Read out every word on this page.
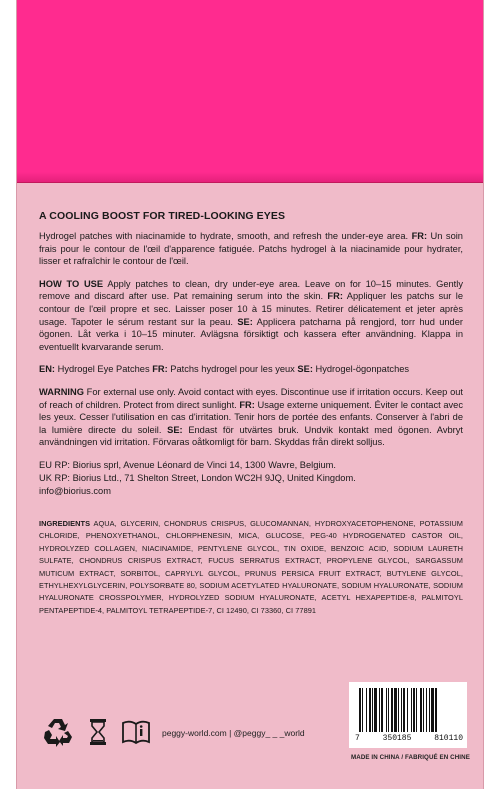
A COOLING BOOST FOR TIRED-LOOKING EYES

Hydrogel patches with niacinamide to hydrate, smooth, and refresh the under-eye area. FR: Un soin frais pour le contour de l'œil d'apparence fatiguée. Patchs hydrogel à la niacinamide pour hydrater, lisser et rafraîchir le contour de l'œil.

HOW TO USE Apply patches to clean, dry under-eye area. Leave on for 10–15 minutes. Gently remove and discard after use. Pat remaining serum into the skin. FR: Appliquer les patchs sur le contour de l'œil propre et sec. Laisser poser 10 à 15 minutes. Retirer délicatement et jeter après usage. Tapoter le sérum restant sur la peau. SE: Applicera patcharna på rengjord, torr hud under ögonen. Låt verka i 10–15 minuter. Avlägsna försiktigt och kassera efter användning. Klappa in eventuellt kvarvarande serum.

EN: Hydrogel Eye Patches FR: Patchs hydrogel pour les yeux SE: Hydrogel-ögonpatches

WARNING For external use only. Avoid contact with eyes. Discontinue use if irritation occurs. Keep out of reach of children. Protect from direct sunlight. FR: Usage externe uniquement. Éviter le contact avec les yeux. Cesser l'utilisation en cas d'irritation. Tenir hors de portée des enfants. Conserver à l'abri de la lumière directe du soleil. SE: Endast för utvärtes bruk. Undvik kontakt med ögonen. Avbryt användningen vid irritation. Förvaras oåtkomligt för barn. Skyddas från direkt solljus.

EU RP: Biorius sprl, Avenue Léonard de Vinci 14, 1300 Wavre, Belgium.
UK RP: Biorius Ltd., 71 Shelton Street, London WC2H 9JQ, United Kingdom.
info@biorius.com
INGREDIENTS AQUA, GLYCERIN, CHONDRUS CRISPUS, GLUCOMANNAN, HYDROXYACETOPHENONE, POTASSIUM CHLORIDE, PHENOXYETHANOL, CHLORPHENESIN, MICA, GLUCOSE, PEG-40 HYDROGENATED CASTOR OIL, HYDROLYZED COLLAGEN, NIACINAMIDE, PENTYLENE GLYCOL, TIN OXIDE, BENZOIC ACID, SODIUM LAURETH SULFATE, CHONDRUS CRISPUS EXTRACT, FUCUS SERRATUS EXTRACT, PROPYLENE GLYCOL, SARGASSUM MUTICUM EXTRACT, SORBITOL, CAPRYLYL GLYCOL, PRUNUS PERSICA FRUIT EXTRACT, BUTYLENE GLYCOL, ETHYLHEXYLGLYCERIN, POLYSORBATE 80, SODIUM ACETYLATED HYALURONATE, SODIUM HYALURONATE, SODIUM HYALURONATE CROSSPOLYMER, HYDROLYZED SODIUM HYALURONATE, ACETYL HEXAPEPTIDE-8, PALMITOYL PENTAPEPTIDE-4, PALMITOYL TETRAPEPTIDE-7, CI 12490, CI 73360, CI 77891
peggy-world.com | @peggy_ _ _world
7	350185	810110
MADE IN CHINA / FABRIQUÉ EN CHINE
